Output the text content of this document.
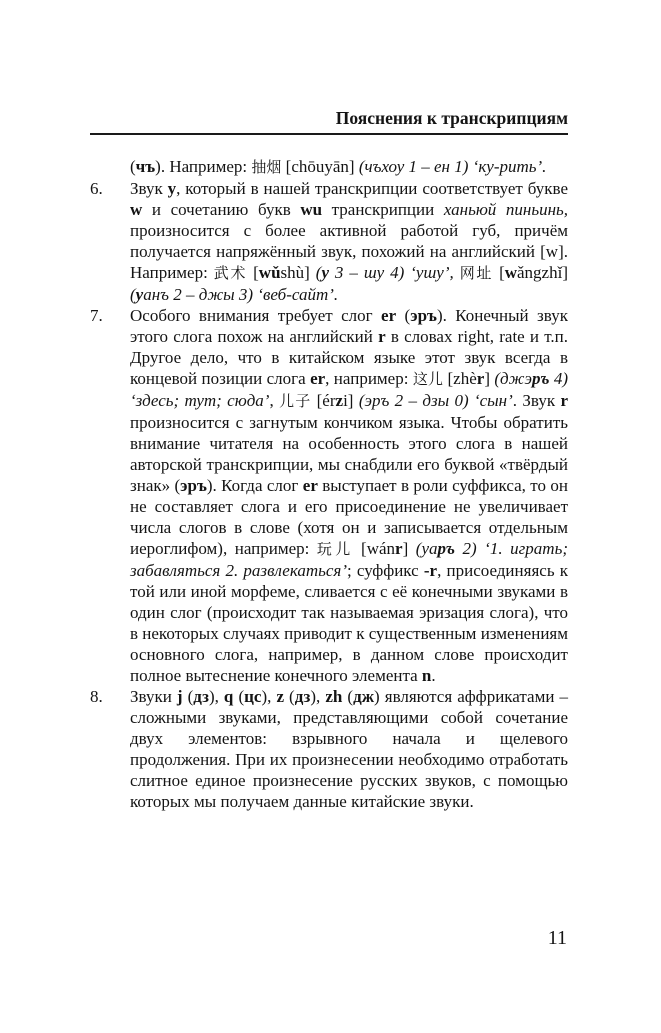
Пояснения к транскрипциям
(чъ). Например: 抽烟 [chōuyān] (чъхоу 1 – ен 1) ‘ку-рить’.
6.	Звук y, который в нашей транскрипции соответствует букве w и сочетанию букв wu транскрипции ханьюй пиньинь, произносится с более активной работой губ, причём получается напряжённый звук, похожий на английский [w]. Например: 武术 [wǔshù] (у 3 – шу 4) ‘ушу’, 网址 [wǎngzhǐ] (уанъ 2 – джы 3) ‘веб-сайт’.
7.	Особого внимания требует слог er (эръ). Конечный звук этого слога похож на английский r в словах right, rate и т.п. Другое дело, что в китайском языке этот звук всегда в концевой позиции слога er, например: 这儿 [zhèr] (джэръ 4) ‘здесь; тут; сюда’, 儿子 [érzi] (эръ 2 – дзы 0) ‘сын’. Звук r произносится с загнутым кончиком языка. Чтобы обратить внимание читателя на особенность этого слога в нашей авторской транскрипции, мы снабдили его буквой «твёрдый знак» (эръ). Когда слог er выступает в роли суффикса, то он не составляет слога и его присоединение не увеличивает числа слогов в слове (хотя он и записывается отдельным иероглифом), например: 玩儿 [wánr] (уаръ 2) ‘1. играть; забавляться 2. развлекаться’; суффикс -r, присоединяясь к той или иной морфеме, сливается с её конечными звуками в один слог (происходит так называемая эризация слога), что в некоторых случаях приводит к существенным изменениям основного слога, например, в данном слове происходит полное вытеснение конечного элемента n.
8.	Звуки j (дз), q (цс), z (дз), zh (дж) являются аффрикатами – сложными звуками, представляющими собой сочетание двух элементов: взрывного начала и щелевого продолжения. При их произнесении необходимо отработать слитное единое произнесение русских звуков, с помощью которых мы получаем данные китайские звуки.
11
